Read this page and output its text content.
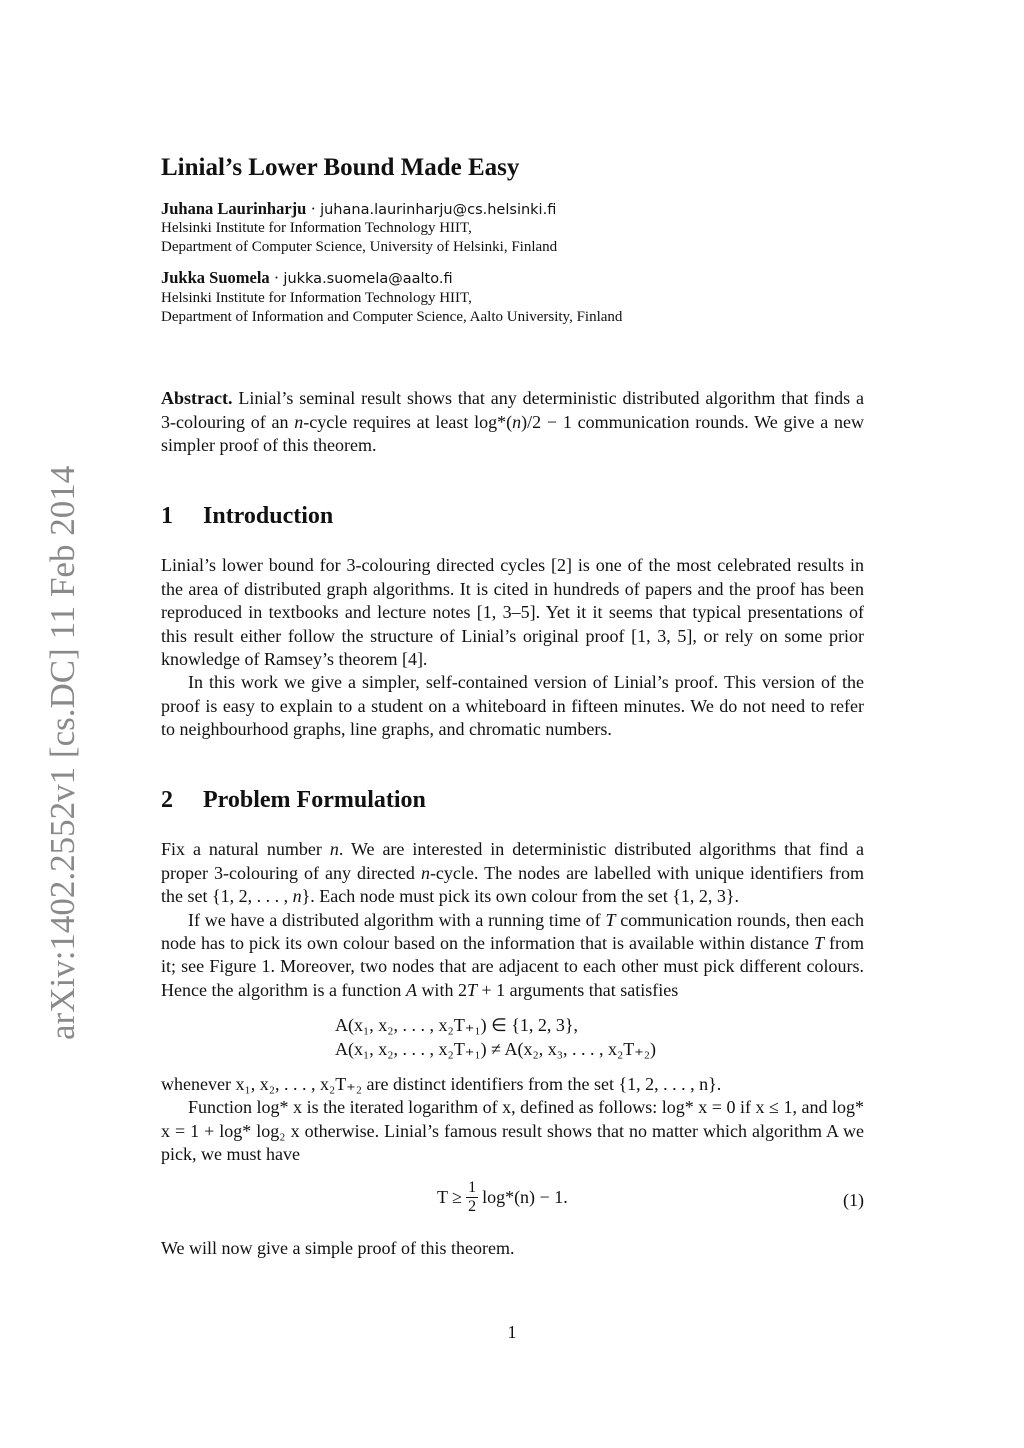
arXiv:1402.2552v1 [cs.DC] 11 Feb 2014
Linial’s Lower Bound Made Easy
Juhana Laurinharju · juhana.laurinharju@cs.helsinki.fi
Helsinki Institute for Information Technology HIIT,
Department of Computer Science, University of Helsinki, Finland
Jukka Suomela · jukka.suomela@aalto.fi
Helsinki Institute for Information Technology HIIT,
Department of Information and Computer Science, Aalto University, Finland
Abstract. Linial’s seminal result shows that any deterministic distributed algorithm that finds a 3-colouring of an n-cycle requires at least log*(n)/2 − 1 communication rounds. We give a new simpler proof of this theorem.
1 Introduction

Linial’s lower bound for 3-colouring directed cycles [2] is one of the most celebrated results in the area of distributed graph algorithms. It is cited in hundreds of papers and the proof has been reproduced in textbooks and lecture notes [1, 3–5]. Yet it it seems that typical presentations of this result either follow the structure of Linial’s original proof [1, 3, 5], or rely on some prior knowledge of Ramsey’s theorem [4].

In this work we give a simpler, self-contained version of Linial’s proof. This version of the proof is easy to explain to a student on a whiteboard in fifteen minutes. We do not need to refer to neighbourhood graphs, line graphs, and chromatic numbers.

2 Problem Formulation

Fix a natural number n. We are interested in deterministic distributed algorithms that find a proper 3-colouring of any directed n-cycle. The nodes are labelled with unique identifiers from the set {1, 2, . . . , n}. Each node must pick its own colour from the set {1, 2, 3}.

If we have a distributed algorithm with a running time of T communication rounds, then each node has to pick its own colour based on the information that is available within distance T from it; see Figure 1. Moreover, two nodes that are adjacent to each other must pick different colours. Hence the algorithm is a function A with 2T + 1 arguments that satisfies

A(x₁, x₂, . . . , x₂T₊₁) ∈ {1, 2, 3},
A(x₁, x₂, . . . , x₂T₊₁) ≠ A(x₂, x₃, . . . , x₂T₊₂)

whenever x₁, x₂, . . . , x₂T₊₂ are distinct identifiers from the set {1, 2, . . . , n}.

Function log* x is the iterated logarithm of x, defined as follows: log* x = 0 if x ≤ 1, and log* x = 1 + log* log₂ x otherwise. Linial’s famous result shows that no matter which algorithm A we pick, we must have

$T \ge \frac{1}{2} \log*(n) - 1$.	(1)

We will now give a simple proof of this theorem.

1
